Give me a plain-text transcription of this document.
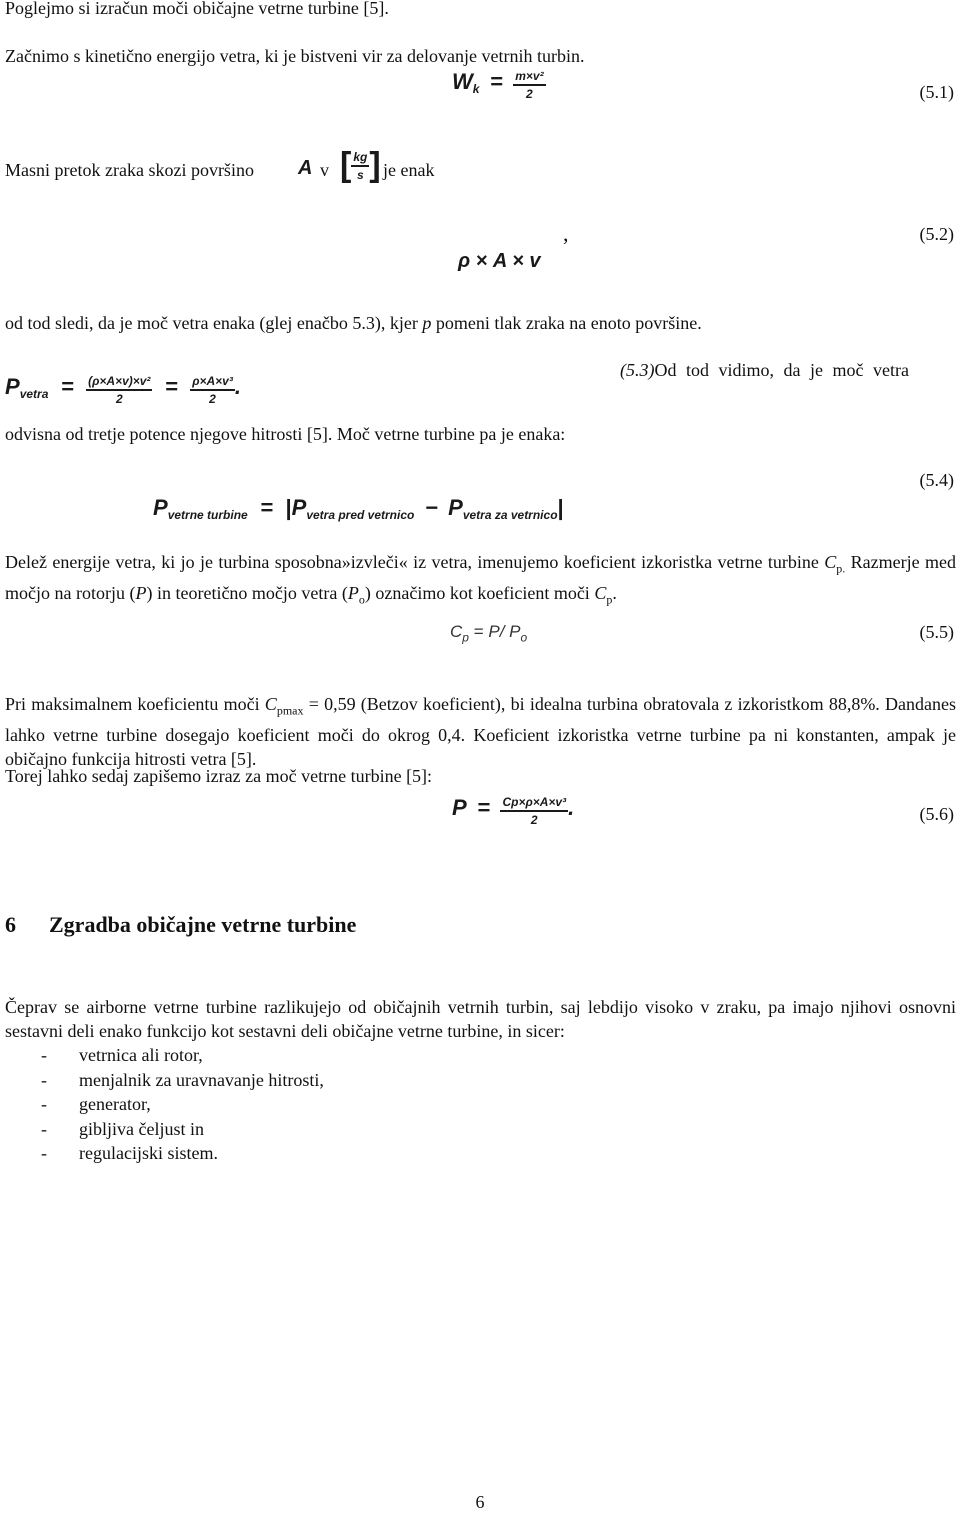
Poglejmo si izračun moči običajne vetrne turbine [5].
Začnimo s kinetično energijo vetra, ki je bistveni vir za delovanje vetrnih turbin.
$W_k = \frac{\text{m×v²}}{2}$	(5.1)
Masni pretok zraka skozi površino A v [ $\frac{kg}{s}$ ] je enak
,
ρ × A × v
(5.2)
od tod sledi, da je moč vetra enaka (glej enačbo 5.3), kjer p pomeni tlak zraka na enoto površine.
$P_{vetra} = \frac{\text{(ρ×A×v)×v²}}{2} = \frac{\text{ρ×A×v³}}{2}$ .
(5.3)Od tod vidimo, da je moč vetra
odvisna od tretje potence njegove hitrosti [5]. Moč vetrne turbine pa je enaka:
$P_{vetrne turbine} = |P_{vetra pred vetrnico} - P_{vetra za vetrnico}|$
(5.4)
Delež energije vetra, ki jo je turbina sposobna»izvleči« iz vetra, imenujemo koeficient izkoristka vetrne turbine $C_{p.}$ Razmerje med močjo na rotorju (P) in teoretično močjo vetra $(P_o)$ označimo kot koeficient moči $C_p$.
$C_p = P/$ $P_o$	(5.5)
Pri maksimalnem koeficientu moči $C_{pmax} = 0,59$ (Betzov koeficient), bi idealna turbina obratovala z izkoristkom 88,8%. Dandanes lahko vetrne turbine dosegajo koeficient moči do okrog 0,4. Koeficient izkoristka vetrne turbine pa ni konstanten, ampak je običajno funkcija hitrosti vetra [5].
Torej lahko sedaj zapišemo izraz za moč vetrne turbine [5]:
$P = \frac{\text{Cp×ρ×A×v³}}{2}$ .	(5.6)
6 Zgradba običajne vetrne turbine
Čeprav se airborne vetrne turbine razlikujejo od običajnih vetrnih turbin, saj lebdijo visoko v zraku, pa imajo njihovi osnovni sestavni deli enako funkcijo kot sestavni deli običajne vetrne turbine, in sicer:
- vetrnica ali rotor,
- menjalnik za uravnavanje hitrosti,
- generator,
- gibljiva čeljust in
- regulacijski sistem.
6
